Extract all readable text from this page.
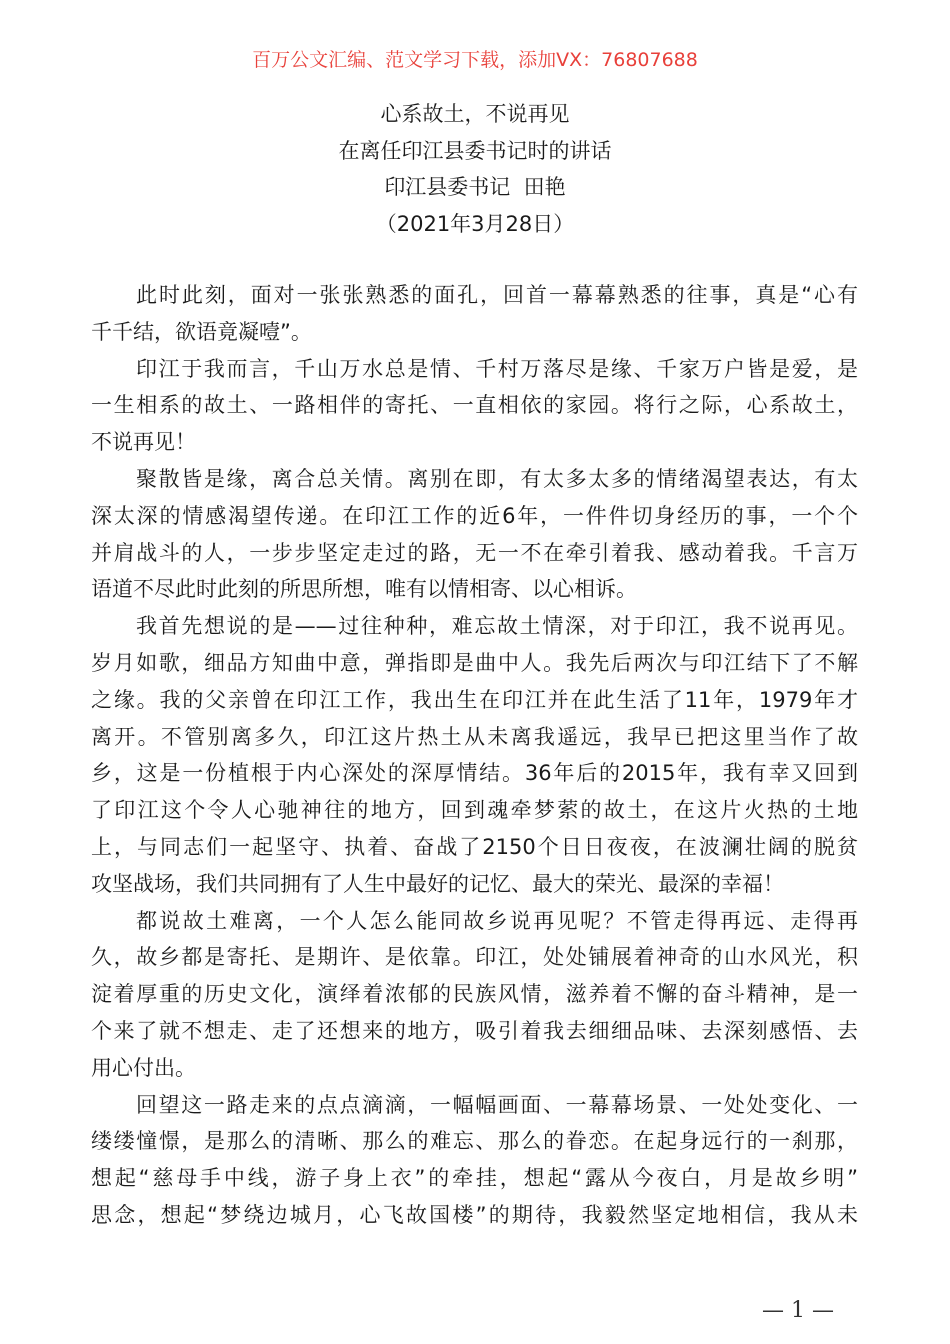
百万公文汇编、范文学习下载，添加VX：76807688
心系故土，不说再见
在离任印江县委书记时的讲话
印江县委书记  田艳
（2021年3月28日）
此时此刻，面对一张张熟悉的面孔，回首一幕幕熟悉的往事，真是“心有
千千结，欲语竟凝噎”。
印江于我而言，千山万水总是情、千村万落尽是缘、千家万户皆是爱，是
一生相系的故土、一路相伴的寄托、一直相依的家园。将行之际，心系故土，
不说再见！
聚散皆是缘，离合总关情。离别在即，有太多太多的情绪渴望表达，有太
深太深的情感渴望传递。在印江工作的近6年，一件件切身经历的事，一个个
并肩战斗的人，一步步坚定走过的路，无一不在牵引着我、感动着我。千言万
语道不尽此时此刻的所思所想，唯有以情相寄、以心相诉。
我首先想说的是——过往种种，难忘故土情深，对于印江，我不说再见。
岁月如歌，细品方知曲中意，弹指即是曲中人。我先后两次与印江结下了不解
之缘。我的父亲曾在印江工作，我出生在印江并在此生活了11年，1979年才
离开。不管别离多久，印江这片热土从未离我遥远，我早已把这里当作了故
乡，这是一份植根于内心深处的深厚情结。36年后的2015年，我有幸又回到
了印江这个令人心驰神往的地方，回到魂牵梦萦的故土，在这片火热的土地
上，与同志们一起坚守、执着、奋战了2150个日日夜夜，在波澜壮阔的脱贫
攻坚战场，我们共同拥有了人生中最好的记忆、最大的荣光、最深的幸福！
都说故土难离，一个人怎么能同故乡说再见呢？不管走得再远、走得再
久，故乡都是寄托、是期许、是依靠。印江，处处铺展着神奇的山水风光，积
淀着厚重的历史文化，演绎着浓郁的民族风情，滋养着不懈的奋斗精神，是一
个来了就不想走、走了还想来的地方，吸引着我去细细品味、去深刻感悟、去
用心付出。
回望这一路走来的点点滴滴，一幅幅画面、一幕幕场景、一处处变化、一
缕缕憧憬，是那么的清晰、那么的难忘、那么的眷恋。在起身远行的一刹那，
想起“慈母手中线，游子身上衣”的牵挂，想起“露从今夜白，月是故乡明”
思念，想起“梦绕边城月，心飞故国楼”的期待，我毅然坚定地相信，我从未
— 1 —
